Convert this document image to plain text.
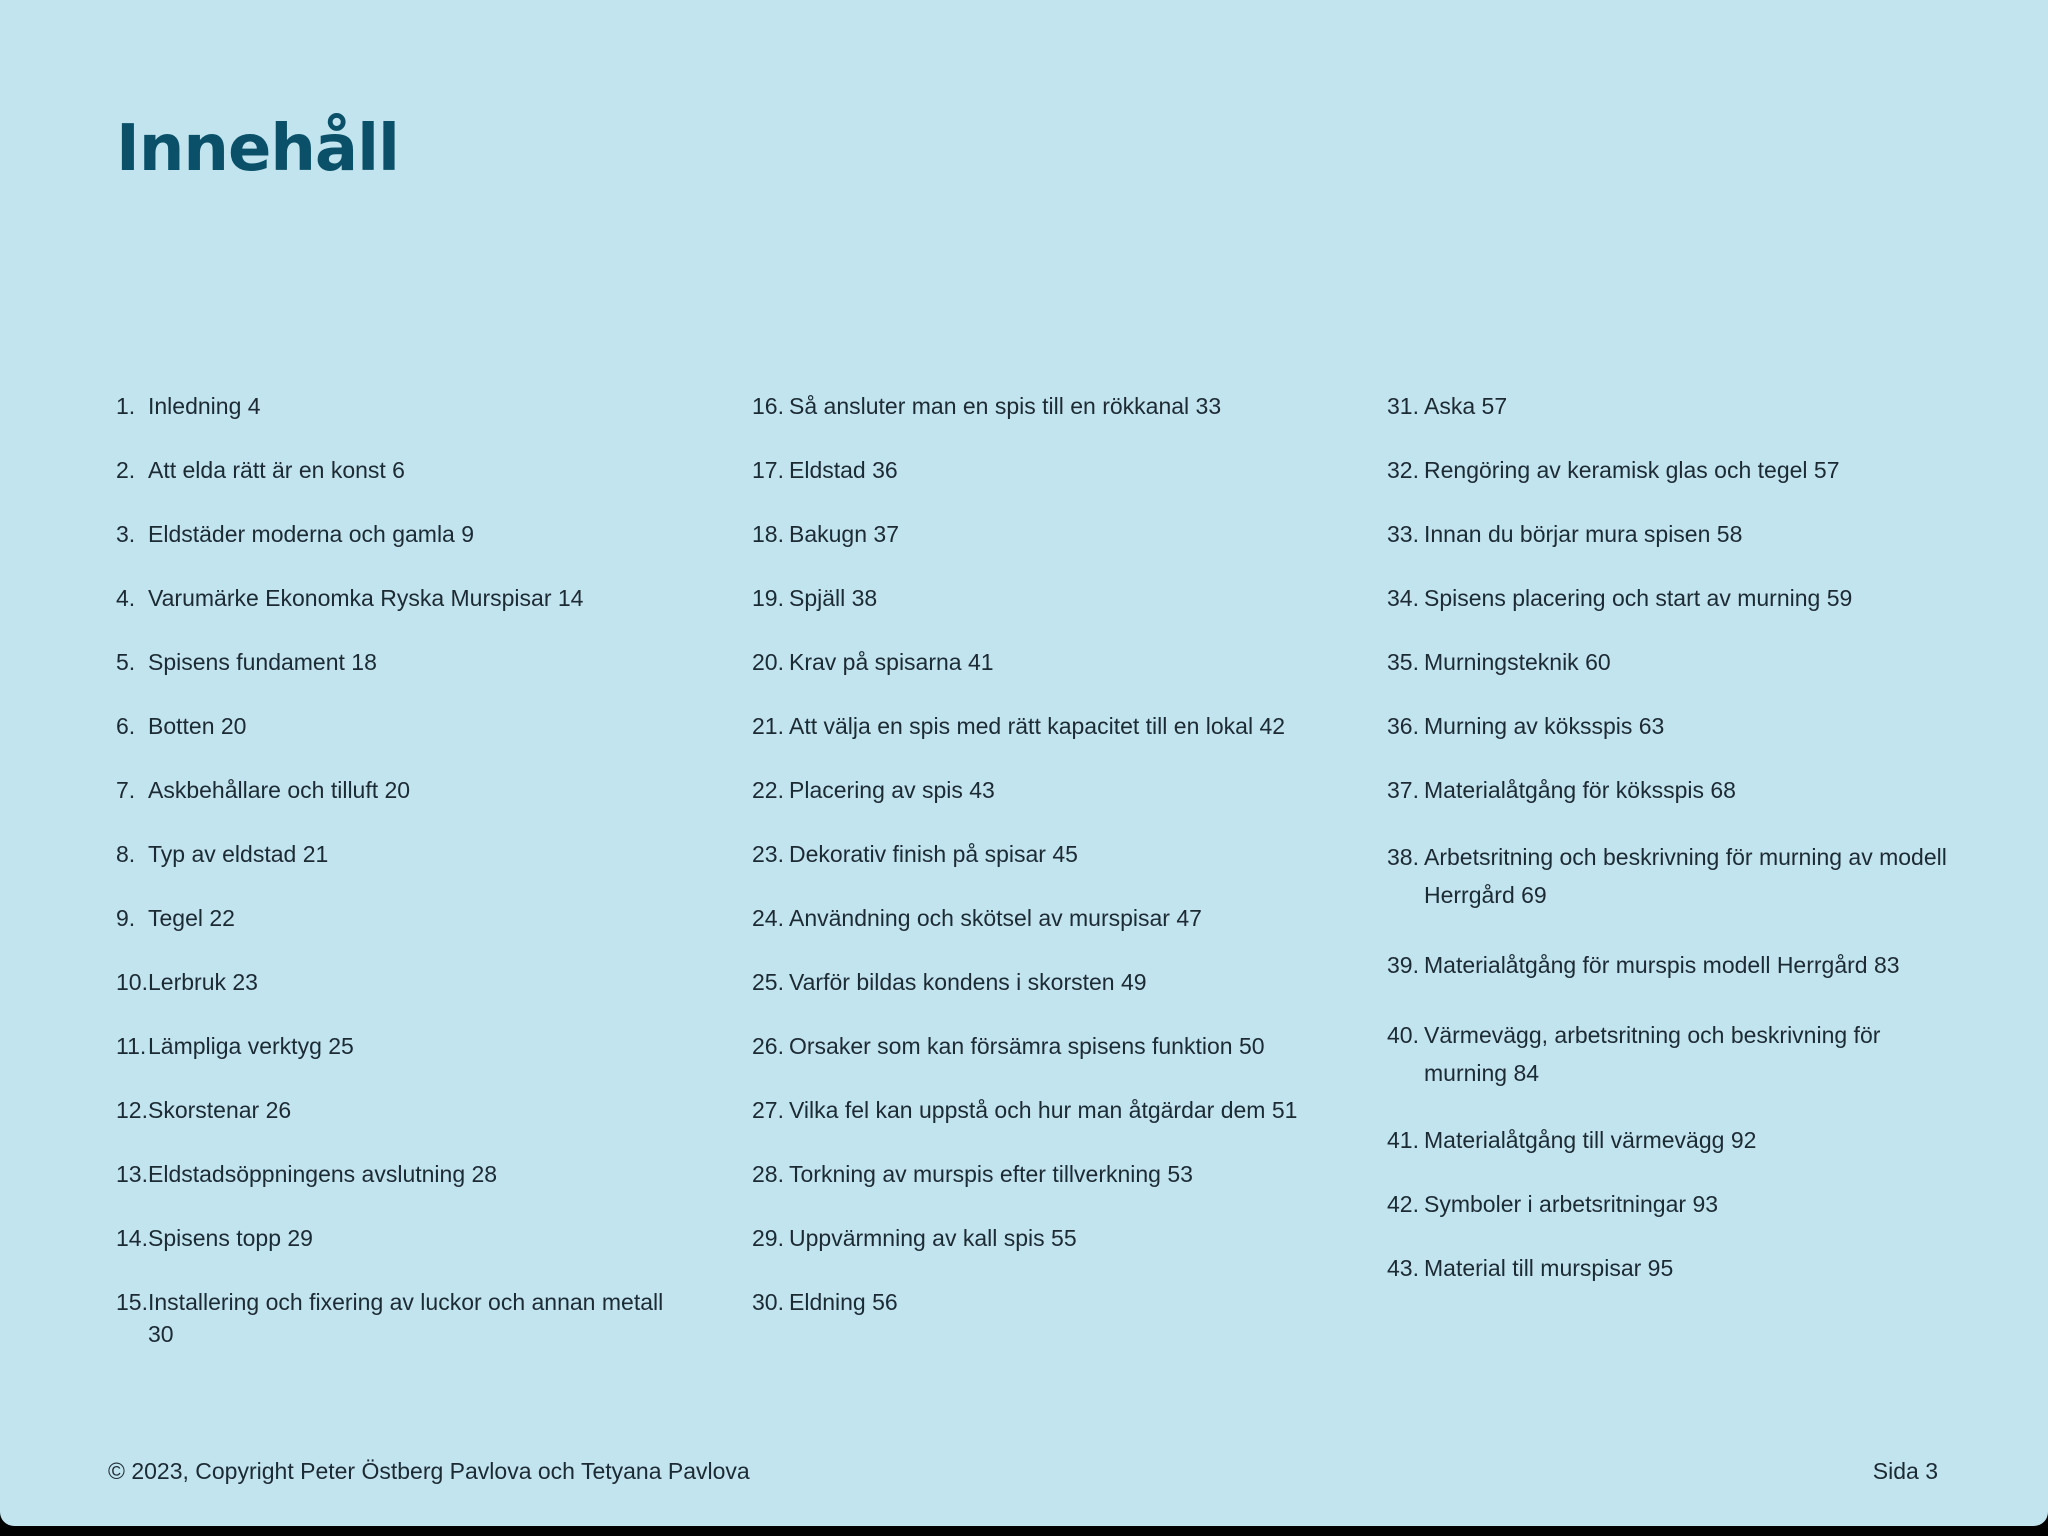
Innehåll
1. Inledning 4
2. Att elda rätt är en konst 6
3. Eldstäder moderna och gamla 9
4. Varumärke Ekonomka Ryska Murspisar 14
5. Spisens fundament 18
6. Botten 20
7. Askbehållare och tilluft 20
8. Typ av eldstad 21
9. Tegel 22
10. Lerbruk 23
11. Lämpliga verktyg 25
12. Skorstenar 26
13. Eldstadsöppningens avslutning 28
14. Spisens topp 29
15. Installering och fixering av luckor och annan metall 30
16. Så ansluter man en spis till en rökkanal 33
17. Eldstad 36
18. Bakugn 37
19. Spjäll 38
20. Krav på spisarna 41
21. Att välja en spis med rätt kapacitet till en lokal 42
22. Placering av spis 43
23. Dekorativ finish på spisar 45
24. Användning och skötsel av murspisar 47
25. Varför bildas kondens i skorsten 49
26. Orsaker som kan försämra spisens funktion 50
27. Vilka fel kan uppstå och hur man åtgärdar dem 51
28. Torkning av murspis efter tillverkning 53
29. Uppvärmning av kall spis 55
30. Eldning 56
31. Aska 57
32. Rengöring av keramisk glas och tegel 57
33. Innan du börjar mura spisen 58
34. Spisens placering och start av murning 59
35. Murningsteknik 60
36. Murning av köksspis 63
37. Materialåtgång för köksspis 68
38. Arbetsritning och beskrivning för murning av modell Herrgård 69
39. Materialåtgång för murspis modell Herrgård 83
40. Värmevägg, arbetsritning och beskrivning för murning 84
41. Materialåtgång till värmevägg 92
42. Symboler i arbetsritningar 93
43. Material till murspisar 95
© 2023, Copyright Peter Östberg Pavlova och Tetyana Pavlova	Sida 3
